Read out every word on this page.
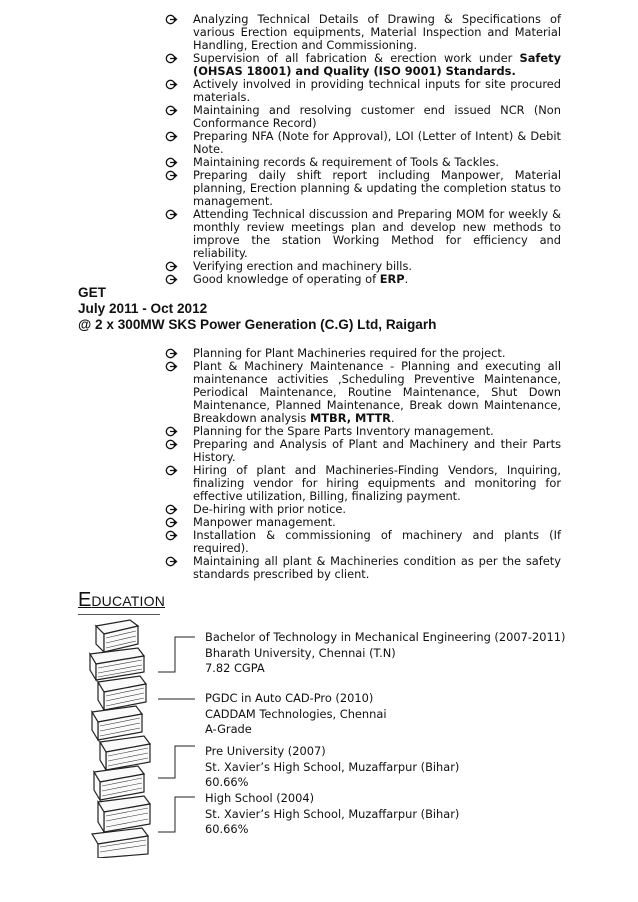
Analyzing Technical Details of Drawing & Specifications of various Erection equipments, Material Inspection and Material Handling, Erection and Commissioning.
Supervision of all fabrication & erection work under Safety (OHSAS 18001) and Quality (ISO 9001) Standards.
Actively involved in providing technical inputs for site procured materials.
Maintaining and resolving customer end issued NCR (Non Conformance Record)
Preparing NFA (Note for Approval), LOI (Letter of Intent) & Debit Note.
Maintaining records & requirement of Tools & Tackles.
Preparing daily shift report including Manpower, Material planning, Erection planning & updating the completion status to management.
Attending Technical discussion and Preparing MOM for weekly & monthly review meetings plan and develop new methods to improve the station Working Method for efficiency and reliability.
Verifying erection and machinery bills.
Good knowledge of operating of ERP.
GET
July 2011 - Oct 2012
@ 2 x 300MW SKS Power Generation (C.G) Ltd, Raigarh
Planning for Plant Machineries required for the project.
Plant & Machinery Maintenance - Planning and executing all maintenance activities ,Scheduling Preventive Maintenance, Periodical Maintenance, Routine Maintenance, Shut Down Maintenance, Planned Maintenance, Break down Maintenance, Breakdown analysis MTBR, MTTR.
Planning for the Spare Parts Inventory management.
Preparing and Analysis of Plant and Machinery and their Parts History.
Hiring of plant and Machineries-Finding Vendors, Inquiring, finalizing vendor for hiring equipments and monitoring for effective utilization, Billing, finalizing payment.
De-hiring with prior notice.
Manpower management.
Installation & commissioning of machinery and plants (If required).
Maintaining all plant & Machineries condition as per the safety standards prescribed by client.
EDUCATION
Bachelor of Technology in Mechanical Engineering (2007-2011)
Bharath University, Chennai (T.N)
7.82 CGPA
PGDC in Auto CAD-Pro (2010)
CADDAM Technologies, Chennai
A-Grade
Pre University (2007)
St. Xavier’s High School, Muzaffarpur (Bihar)
60.66%
High School (2004)
St. Xavier’s High School, Muzaffarpur (Bihar)
60.66%
